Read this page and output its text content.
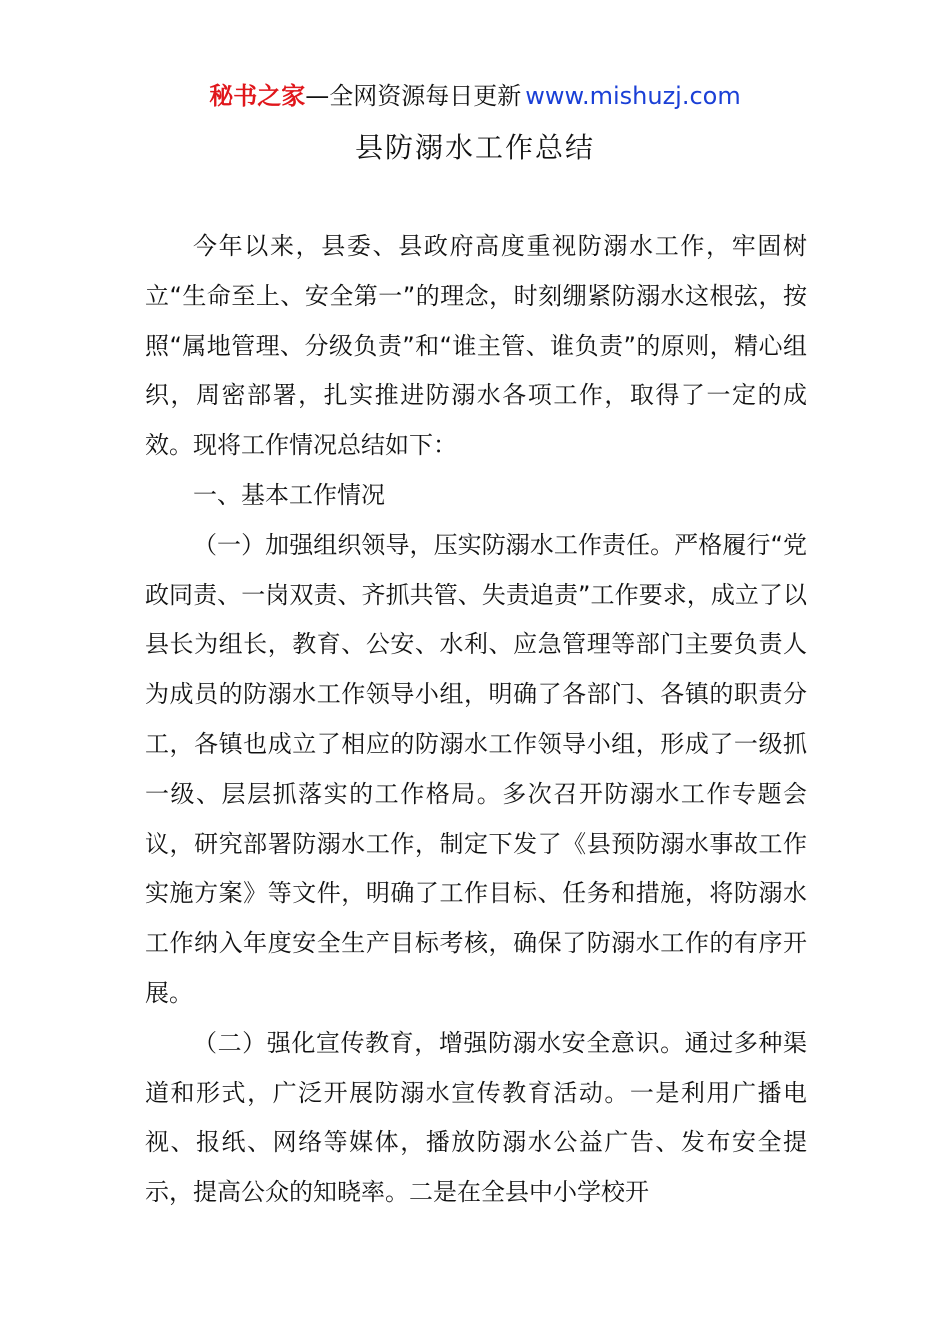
秘书之家—全网资源每日更新 www.mishuzj.com
县防溺水工作总结

今年以来，县委、县政府高度重视防溺水工作，牢固树立“生命至上、安全第一”的理念，时刻绷紧防溺水这根弦，按照“属地管理、分级负责”和“谁主管、谁负责”的原则，精心组织，周密部署，扎实推进防溺水各项工作，取得了一定的成效。现将工作情况总结如下：

一、基本工作情况

（一）加强组织领导，压实防溺水工作责任。严格履行“党政同责、一岗双责、齐抓共管、失责追责”工作要求，成立了以县长为组长，教育、公安、水利、应急管理等部门主要负责人为成员的防溺水工作领导小组，明确了各部门、各镇的职责分工，各镇也成立了相应的防溺水工作领导小组，形成了一级抓一级、层层抓落实的工作格局。多次召开防溺水工作专题会议，研究部署防溺水工作，制定下发了《县预防溺水事故工作实施方案》等文件，明确了工作目标、任务和措施，将防溺水工作纳入年度安全生产目标考核，确保了防溺水工作的有序开展。

（二）强化宣传教育，增强防溺水安全意识。通过多种渠道和形式，广泛开展防溺水宣传教育活动。一是利用广播电视、报纸、网络等媒体，播放防溺水公益广告、发布安全提示，提高公众的知晓率。二是在全县中小学校开
